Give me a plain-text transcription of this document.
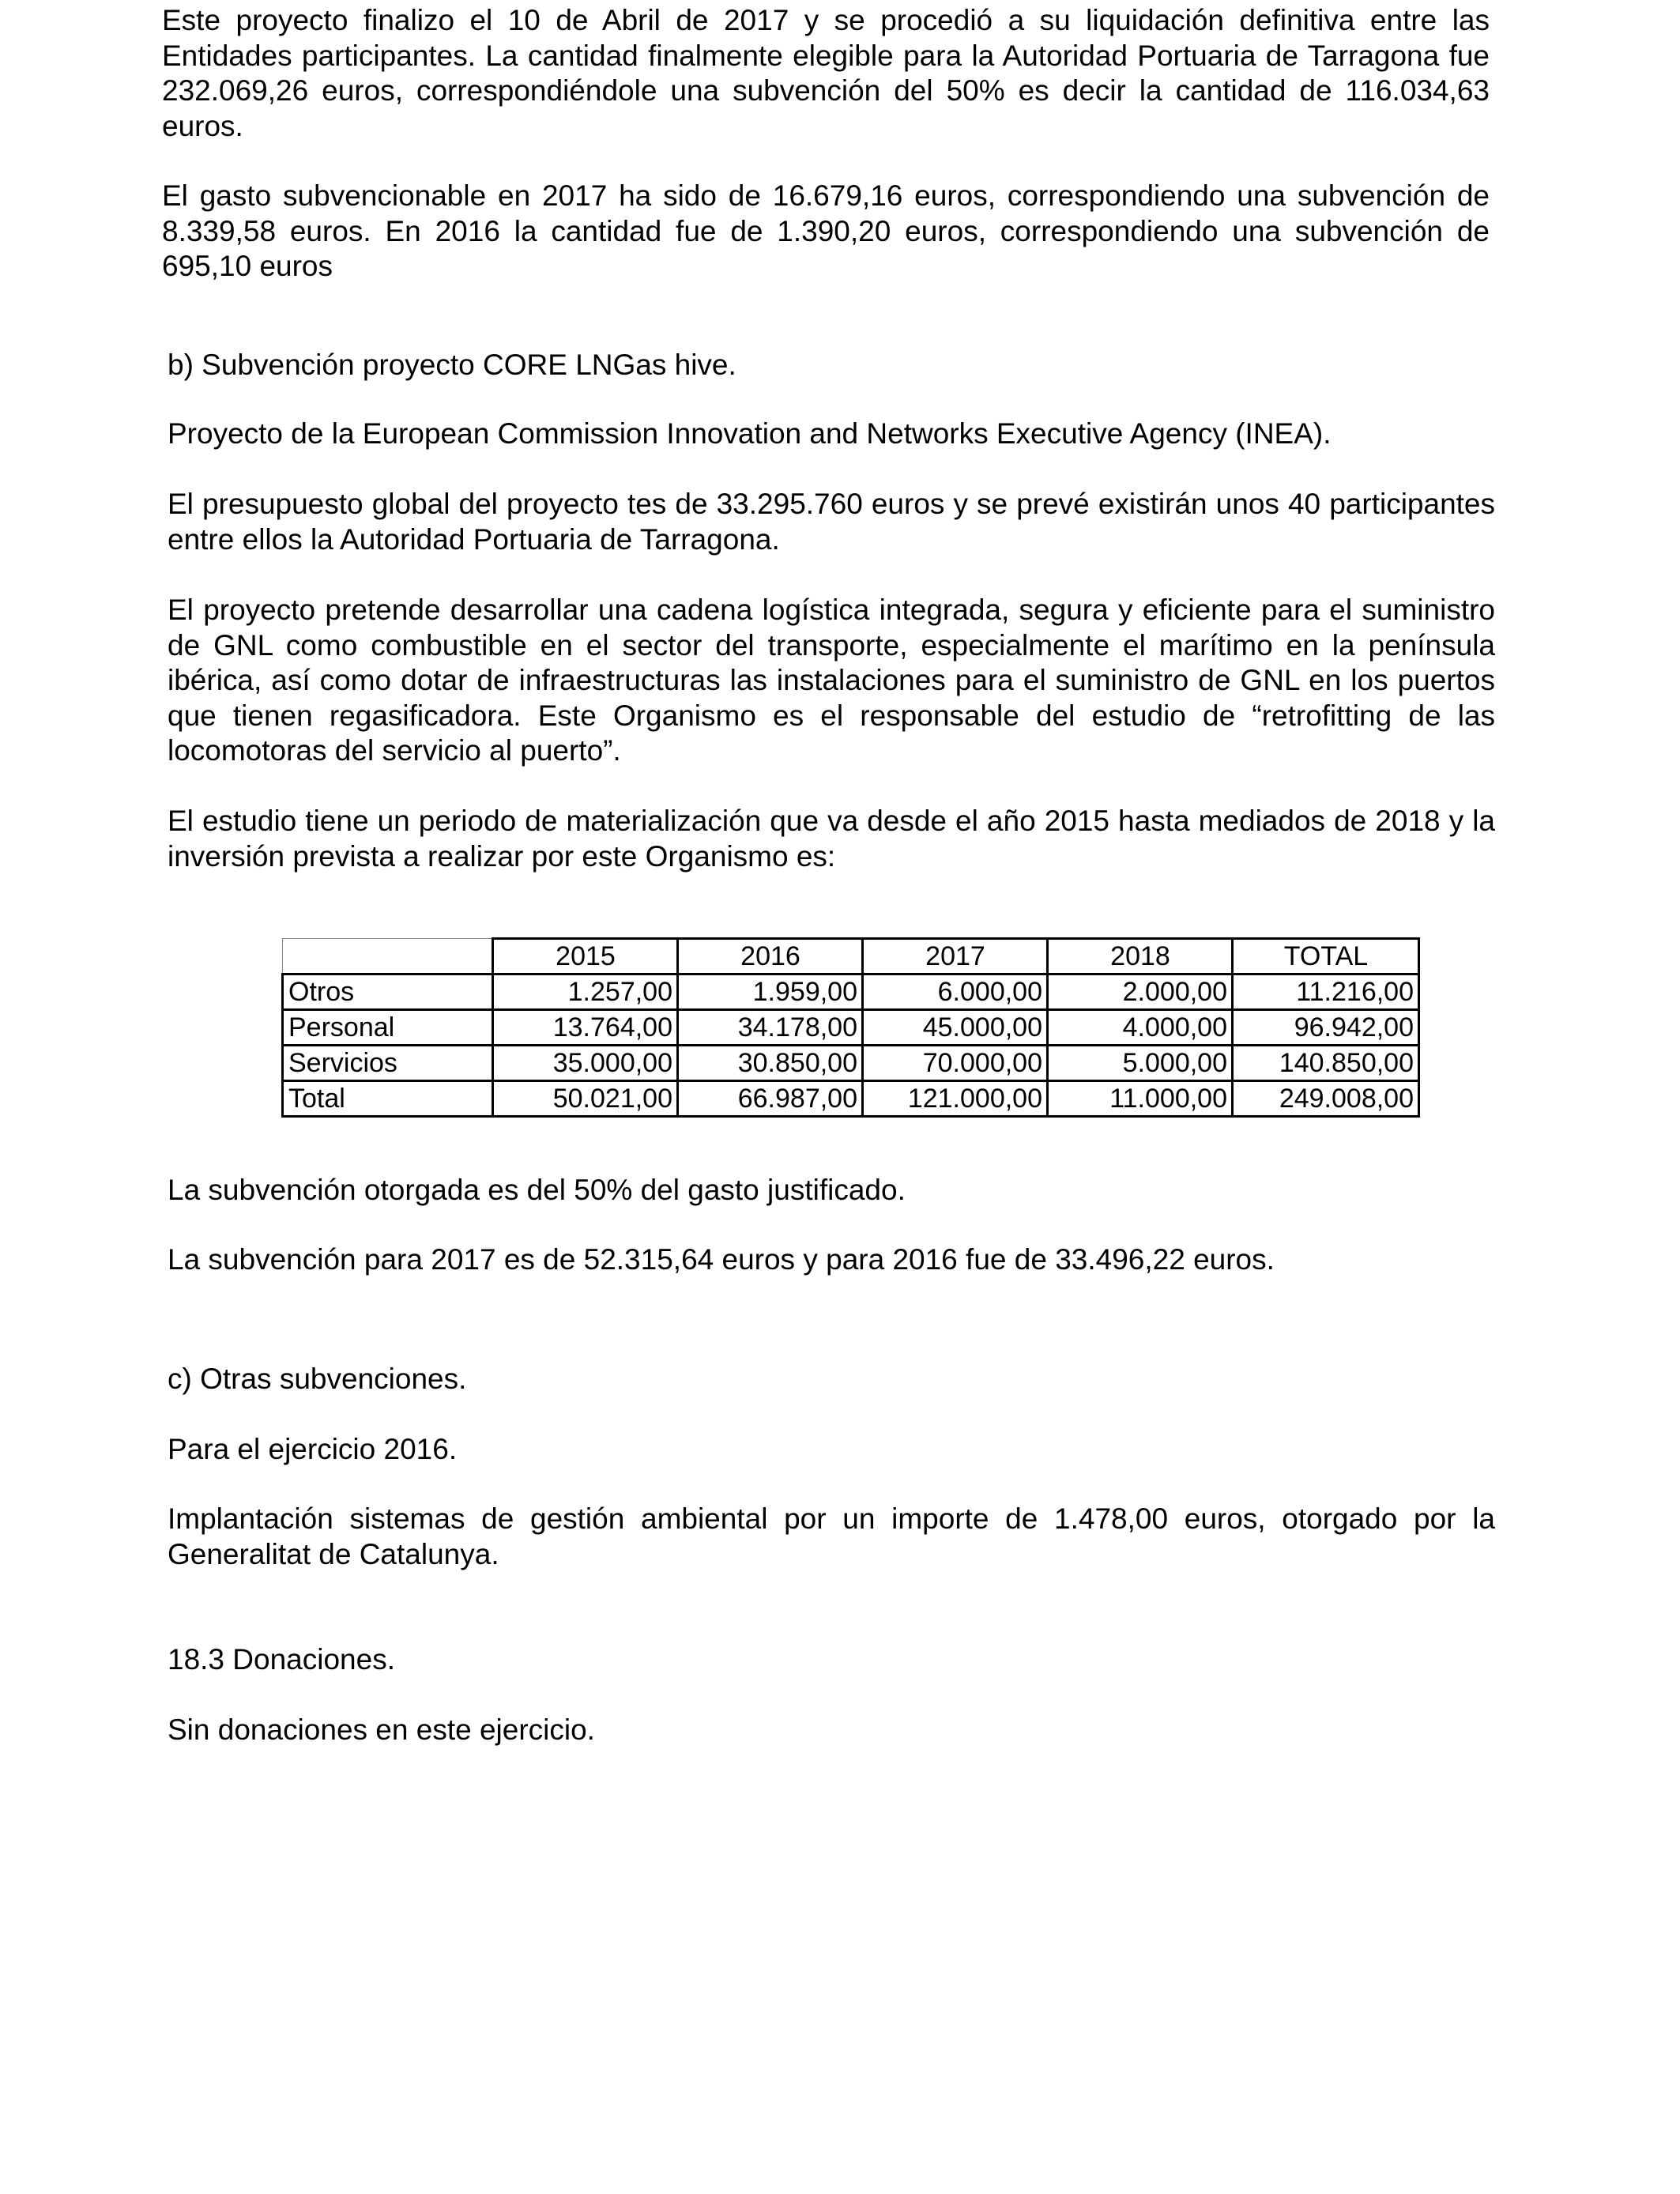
Este proyecto finalizo el 10 de Abril de 2017 y se procedió a su liquidación definitiva entre las Entidades participantes. La cantidad finalmente elegible para la Autoridad Portuaria de Tarragona fue 232.069,26 euros, correspondiéndole una subvención del 50% es decir la cantidad de 116.034,63 euros.

El gasto subvencionable en 2017 ha sido de 16.679,16 euros, correspondiendo una subvención de 8.339,58 euros. En 2016 la cantidad fue de 1.390,20 euros, correspondiendo una subvención de 695,10 euros

b) Subvención proyecto CORE LNGas hive.

Proyecto de la European Commission Innovation and Networks Executive Agency (INEA).

El presupuesto global del proyecto tes de 33.295.760 euros y se prevé existirán unos 40 participantes entre ellos la Autoridad Portuaria de Tarragona.

El proyecto pretende desarrollar una cadena logística integrada, segura y eficiente para el suministro de GNL como combustible en el sector del transporte, especialmente el marítimo en la península ibérica, así como dotar de infraestructuras las instalaciones para el suministro de GNL en los puertos que tienen regasificadora. Este Organismo es el responsable del estudio de “retrofitting de las locomotoras del servicio al puerto”.

El estudio tiene un periodo de materialización que va desde el año 2015 hasta mediados de 2018 y la inversión prevista a realizar por este Organismo es:

	2015	2016	2017	2018	TOTAL
Otros	1.257,00	1.959,00	6.000,00	2.000,00	11.216,00
Personal	13.764,00	34.178,00	45.000,00	4.000,00	96.942,00
Servicios	35.000,00	30.850,00	70.000,00	5.000,00	140.850,00
Total	50.021,00	66.987,00	121.000,00	11.000,00	249.008,00

La subvención otorgada es del 50% del gasto justificado.

La subvención para 2017 es de 52.315,64 euros y para 2016 fue de 33.496,22 euros.

c) Otras subvenciones.

Para el ejercicio 2016.

Implantación sistemas de gestión ambiental por un importe de 1.478,00 euros, otorgado por la Generalitat de Catalunya.

18.3 Donaciones.

Sin donaciones en este ejercicio.
